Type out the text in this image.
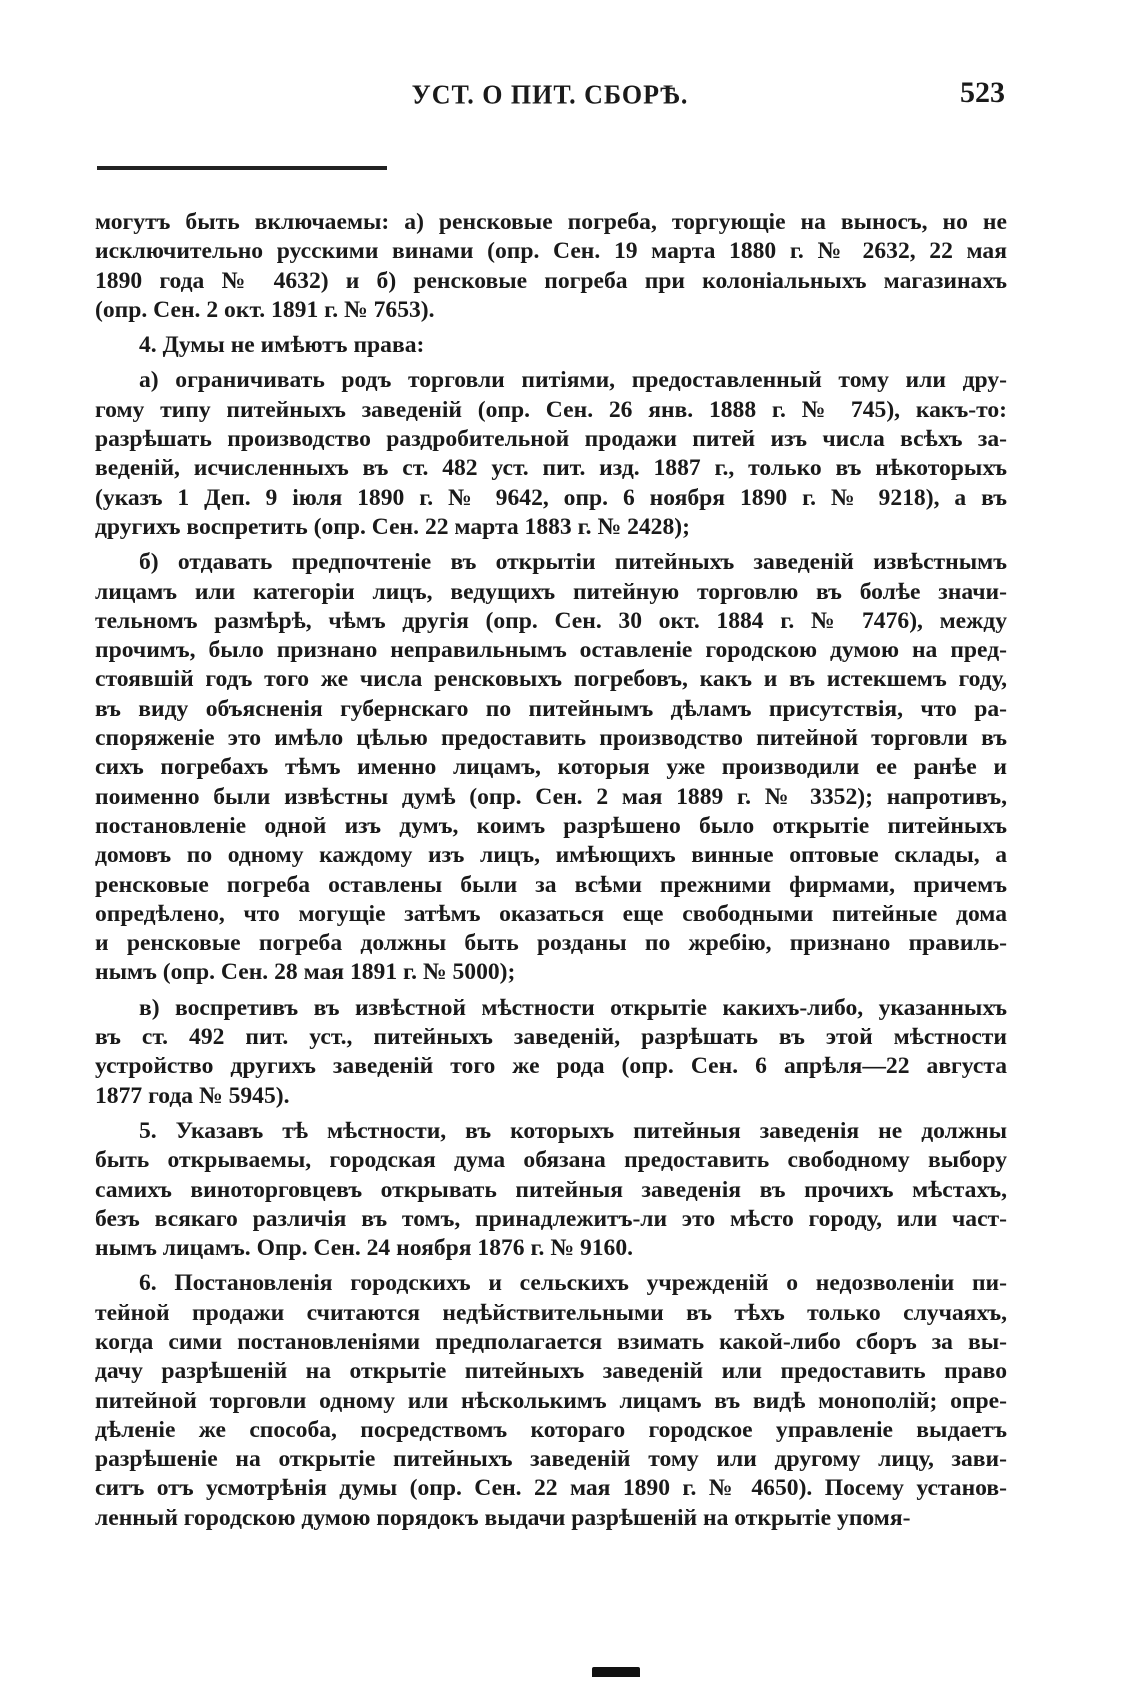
УСТ. О ПИТ. СБОРѢ.	523

могутъ быть включаемы: а) ренсковые погреба, торгующіе на выносъ, но не
исключительно русскими винами (опр. Сен. 19 марта 1880 г. № 2632, 22 мая
1890 года № 4632) и б) ренсковые погреба при колоніальныхъ магазинахъ
(опр. Сен. 2 окт. 1891 г. № 7653).

4. Думы не имѣютъ права:

а) ограничивать родъ торговли питіями, предоставленный тому или дру-
гому типу питейныхъ заведеній (опр. Сен. 26 янв. 1888 г. № 745), какъ-то:
разрѣшать производство раздробительной продажи питей изъ числа всѣхъ за-
веденій, исчисленныхъ въ ст. 482 уст. пит. изд. 1887 г., только въ нѣкоторыхъ
(указъ 1 Деп. 9 іюля 1890 г. № 9642, опр. 6 ноября 1890 г. № 9218), а въ
другихъ воспретить (опр. Сен. 22 марта 1883 г. № 2428);

б) отдавать предпочтеніе въ открытіи питейныхъ заведеній извѣстнымъ
лицамъ или категоріи лицъ, ведущихъ питейную торговлю въ болѣе значи-
тельномъ размѣрѣ, чѣмъ другія (опр. Сен. 30 окт. 1884 г. № 7476), между
прочимъ, было признано неправильнымъ оставленіе городскою думою на пред-
стоявшій годъ того же числа ренсковыхъ погребовъ, какъ и въ истекшемъ году,
въ виду объясненія губернскаго по питейнымъ дѣламъ присутствія, что ра-
споряженіе это имѣло цѣлью предоставить производство питейной торговли въ
сихъ погребахъ тѣмъ именно лицамъ, которыя уже производили ее ранѣе и
поименно были извѣстны думѣ (опр. Сен. 2 мая 1889 г. № 3352); напротивъ,
постановленіе одной изъ думъ, коимъ разрѣшено было открытіе питейныхъ
домовъ по одному каждому изъ лицъ, имѣющихъ винные оптовые склады, а
ренсковые погреба оставлены были за всѣми прежними фирмами, причемъ
опредѣлено, что могущіе затѣмъ оказаться еще свободными питейные дома
и ренсковые погреба должны быть розданы по жребію, признано правиль-
нымъ (опр. Сен. 28 мая 1891 г. № 5000);

в) воспретивъ въ извѣстной мѣстности открытіе какихъ-либо, указанныхъ
въ ст. 492 пит. уст., питейныхъ заведеній, разрѣшать въ этой мѣстности
устройство другихъ заведеній того же рода (опр. Сен. 6 апрѣля—22 августа
1877 года № 5945).

5. Указавъ тѣ мѣстности, въ которыхъ питейныя заведенія не должны
быть открываемы, городская дума обязана предоставить свободному выбору
самихъ виноторговцевъ открывать питейныя заведенія въ прочихъ мѣстахъ,
безъ всякаго различія въ томъ, принадлежитъ-ли это мѣсто городу, или част-
нымъ лицамъ. Опр. Сен. 24 ноября 1876 г. № 9160.

6. Постановленія городскихъ и сельскихъ учрежденій о недозволеніи пи-
тейной продажи считаются недѣйствительными въ тѣхъ только случаяхъ,
когда сими постановленіями предполагается взимать какой-либо сборъ за вы-
дачу разрѣшеній на открытіе питейныхъ заведеній или предоставить право
питейной торговли одному или нѣсколькимъ лицамъ въ видѣ монополій; опре-
дѣленіе же способа, посредствомъ котораго городское управленіе выдаетъ
разрѣшеніе на открытіе питейныхъ заведеній тому или другому лицу, зави-
ситъ отъ усмотрѣнія думы (опр. Сен. 22 мая 1890 г. № 4650). Посему установ-
ленный городскою думою порядокъ выдачи разрѣшеній на открытіе упомя-
